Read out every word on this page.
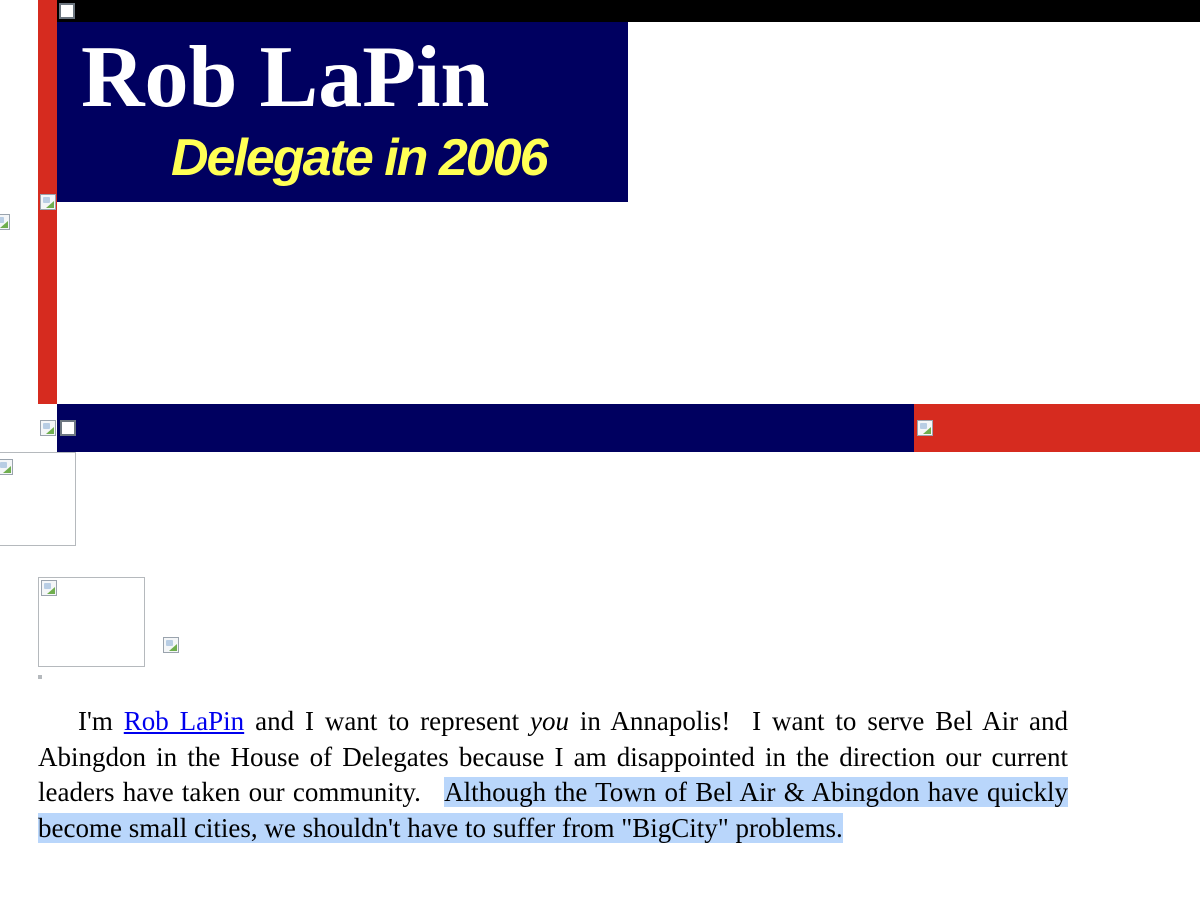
Rob LaPin
Delegate in 2006

I'm Rob LaPin and I want to represent you in Annapolis!  I want to serve Bel Air and Abingdon in the House of Delegates because I am disappointed in the direction our current leaders have taken our community.   Although the Town of Bel Air & Abingdon have quickly become small cities, we shouldn't have to suffer from "BigCity" problems.
